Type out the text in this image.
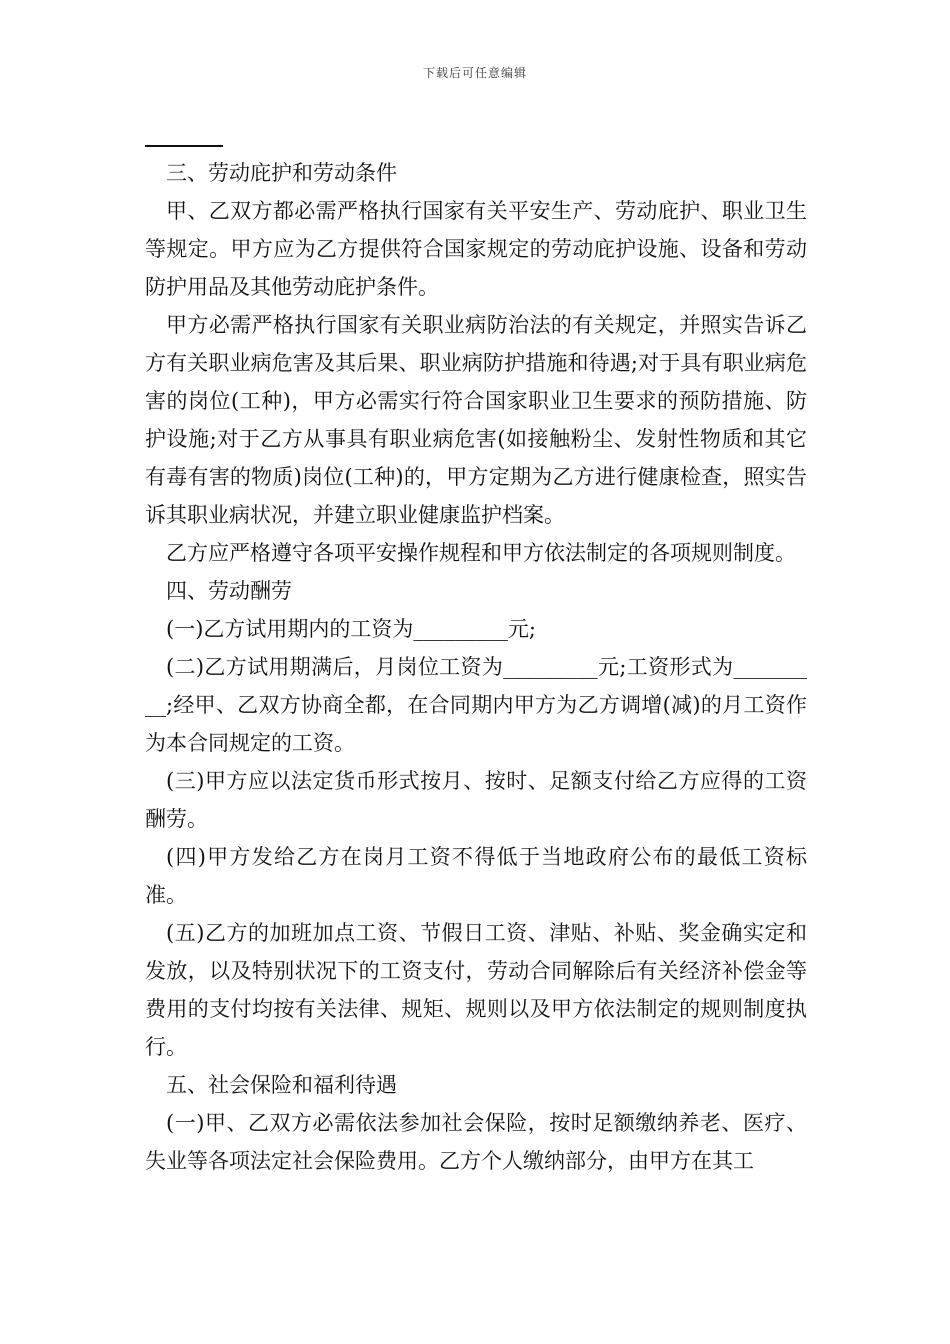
下载后可任意编辑

三、劳动庇护和劳动条件

甲、乙双方都必需严格执行国家有关平安生产、劳动庇护、职业卫生等规定。甲方应为乙方提供符合国家规定的劳动庇护设施、设备和劳动防护用品及其他劳动庇护条件。

甲方必需严格执行国家有关职业病防治法的有关规定，并照实告诉乙方有关职业病危害及其后果、职业病防护措施和待遇;对于具有职业病危害的岗位(工种)，甲方必需实行符合国家职业卫生要求的预防措施、防护设施;对于乙方从事具有职业病危害(如接触粉尘、发射性物质和其它有毒有害的物质)岗位(工种)的，甲方定期为乙方进行健康检查，照实告诉其职业病状况，并建立职业健康监护档案。

乙方应严格遵守各项平安操作规程和甲方依法制定的各项规则制度。

四、劳动酬劳

(一)乙方试用期内的工资为_________元;

(二)乙方试用期满后，月岗位工资为_________元;工资形式为_________;经甲、乙双方协商全都，在合同期内甲方为乙方调增(减)的月工资作为本合同规定的工资。

(三)甲方应以法定货币形式按月、按时、足额支付给乙方应得的工资酬劳。

(四)甲方发给乙方在岗月工资不得低于当地政府公布的最低工资标准。

(五)乙方的加班加点工资、节假日工资、津贴、补贴、奖金确实定和发放，以及特别状况下的工资支付，劳动合同解除后有关经济补偿金等费用的支付均按有关法律、规矩、规则以及甲方依法制定的规则制度执行。

五、社会保险和福利待遇

(一)甲、乙双方必需依法参加社会保险，按时足额缴纳养老、医疗、失业等各项法定社会保险费用。乙方个人缴纳部分，由甲方在其工
